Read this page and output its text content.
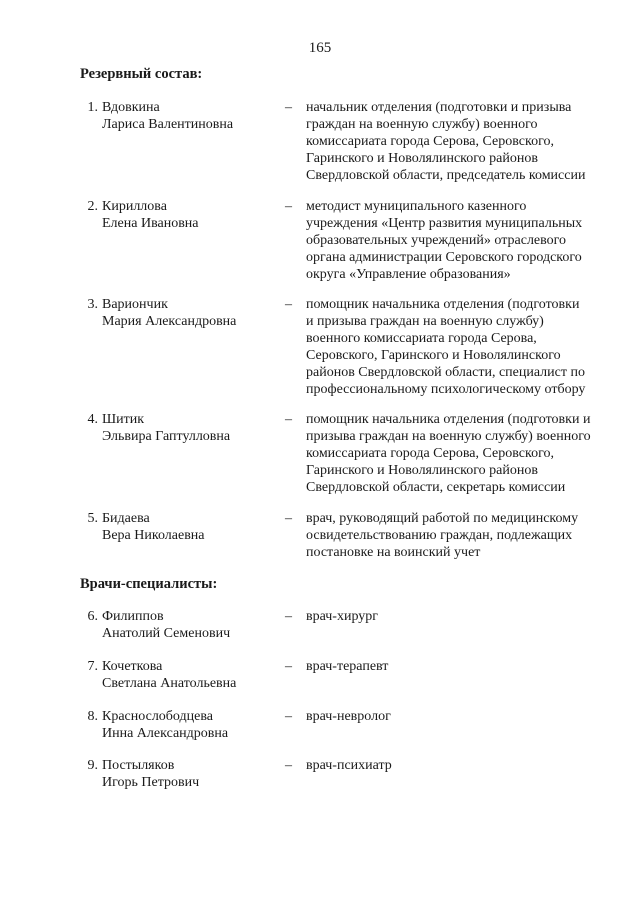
165
Резервный состав:
1. Вдовкина
Лариса Валентиновна
– начальник отделения (подготовки и призыва
граждан на военную службу) военного
комиссариата города Серова, Серовского,
Гаринского и Новолялинского районов
Свердловской области, председатель комиссии
2. Кириллова
Елена Ивановна
– методист муниципального казенного
учреждения «Центр развития муниципальных
образовательных учреждений» отраслевого
органа администрации Серовского городского
округа «Управление образования»
3. Вариончик
Мария Александровна
– помощник начальника отделения (подготовки
и призыва граждан на военную службу)
военного комиссариата города Серова,
Серовского, Гаринского и Новолялинского
районов Свердловской области, специалист по
профессиональному психологическому отбору
4. Шитик
Эльвира Гаптулловна
– помощник начальника отделения (подготовки и
призыва граждан на военную службу) военного
комиссариата города Серова, Серовского,
Гаринского и Новолялинского районов
Свердловской области, секретарь комиссии
5. Бидаева
Вера Николаевна
– врач, руководящий работой по медицинскому
освидетельствованию граждан, подлежащих
постановке на воинский учет
Врачи-специалисты:
6. Филиппов
Анатолий Семенович
– врач-хирург
7. Кочеткова
Светлана Анатольевна
– врач-терапевт
8. Краснослободцева
Инна Александровна
– врач-невролог
9. Постыляков
Игорь Петрович
– врач-психиатр
